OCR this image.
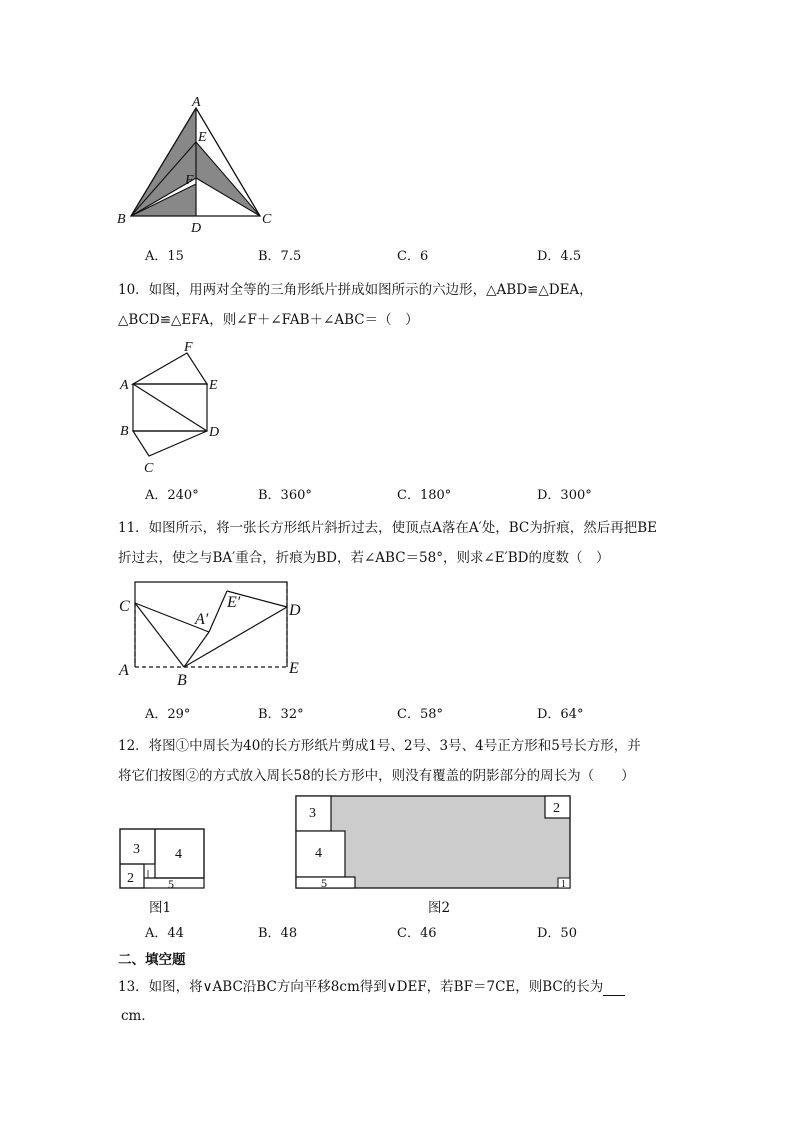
A
E
F
B
D
C
A．15	B．7.5	C．6	D．4.5
10．如图，用两对全等的三角形纸片拼成如图所示的六边形，△ABD≌△DEA，
△BCD≌△EFA，则∠F＋∠FAB＋∠ABC＝（　）
F
A	E
B	D
C
A．240°	B．360°	C．180°	D．300°
11．如图所示，将一张长方形纸片斜折过去，使顶点A落在A′处，BC为折痕，然后再把BE
折过去，使之与BA′重合，折痕为BD，若∠ABC＝58°，则求∠E′BD的度数（　）
C
A′
E′	D
A
B
E
A．29°	B．32°	C．58°	D．64°
12．将图①中周长为40的长方形纸片剪成1号、2号、3号、4号正方形和5号长方形，并
将它们按图②的方式放入周长58的长方形中，则没有覆盖的阴影部分的周长为（　　）
3	4
2	5
图1
3
4
5
2
1
图2
A．44	B．48	C．46	D．50
二、填空题
13．如图，将∨ABC沿BC方向平移8cm得到∨DEF，若BF＝7CE，则BC的长为
cm．
